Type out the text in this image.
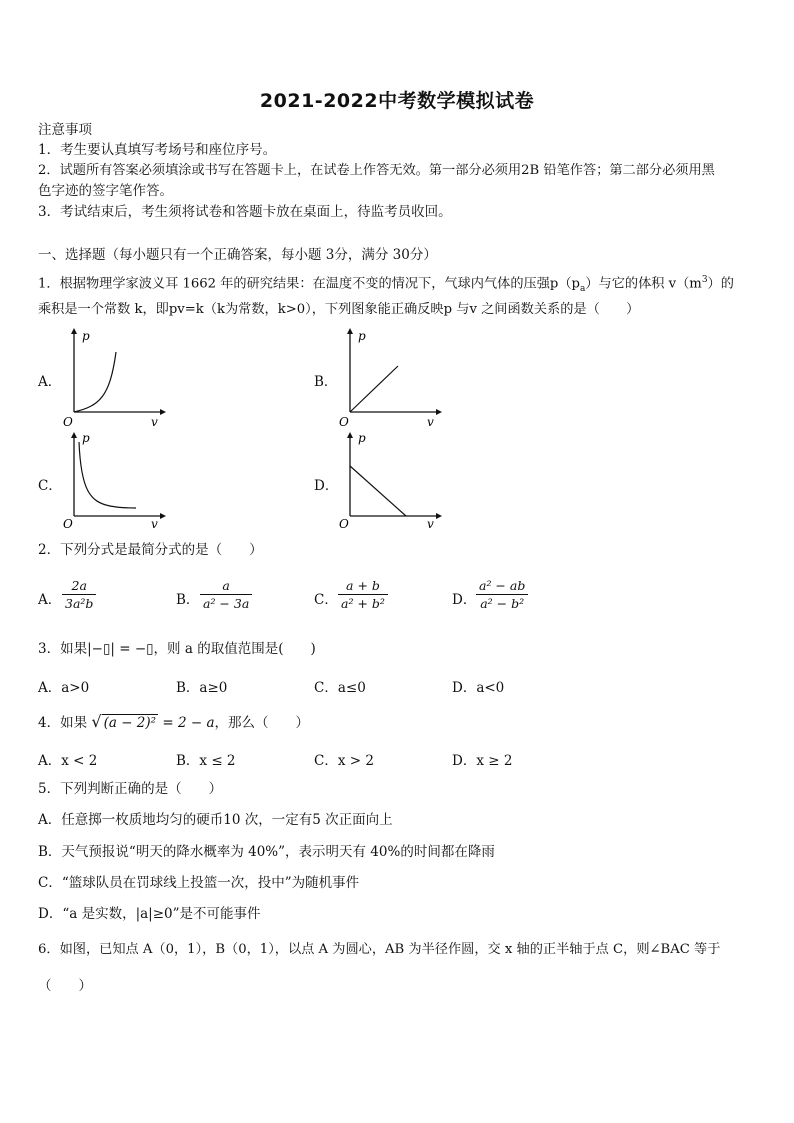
2021-2022中考数学模拟试卷
注意事项
1．考生要认真填写考场号和座位序号。
2．试题所有答案必须填涂或书写在答题卡上，在试卷上作答无效。第一部分必须用2B 铅笔作答；第二部分必须用黑
色字迹的签字笔作答。
3．考试结束后，考生须将试卷和答题卡放在桌面上，待监考员收回。
一、选择题（每小题只有一个正确答案，每小题 3分，满分 30分）
1．根据物理学家波义耳 1662 年的研究结果：在温度不变的情况下，气球内气体的压强$p(p_a)$与它的体积 $v(m^3)$的
乘积是一个常数 k，即pv=k（k为常数，k>0），下列图象能正确反映p 与v 之间函数关系的是（　　）
A．	B．
C．	D．
p
v
O
p
v
O
p
v
O
p
v
O
2．下列分式是最简分式的是（　　）
A．
2a
3a²b	B．
a
a² − 3a	C．
a + b
a² + b²	D．
a² − ab
a² − b²
3．如果|−▯| = −▯，则 a 的取值范围是(　　)
A．a>0	B．a≥0	C．a≤0	D．a<0
4．如果 √ (a − 2)² = 2 − a，那么（　　）
A．x < 2	B．x ≤ 2	C．x > 2	D．x ≥ 2
5．下列判断正确的是（　　）
A．任意掷一枚质地均匀的硬币10 次，一定有5 次正面向上
B．天气预报说“明天的降水概率为 40%”，表示明天有 40%的时间都在降雨
C．“篮球队员在罚球线上投篮一次，投中”为随机事件
D．“a 是实数，|a|≥0”是不可能事件
6．如图，已知点 A（0，1），B（0，1），以点 A 为圆心，AB 为半径作圆，交 x 轴的正半轴于点 C，则∠BAC 等于
（　　）
